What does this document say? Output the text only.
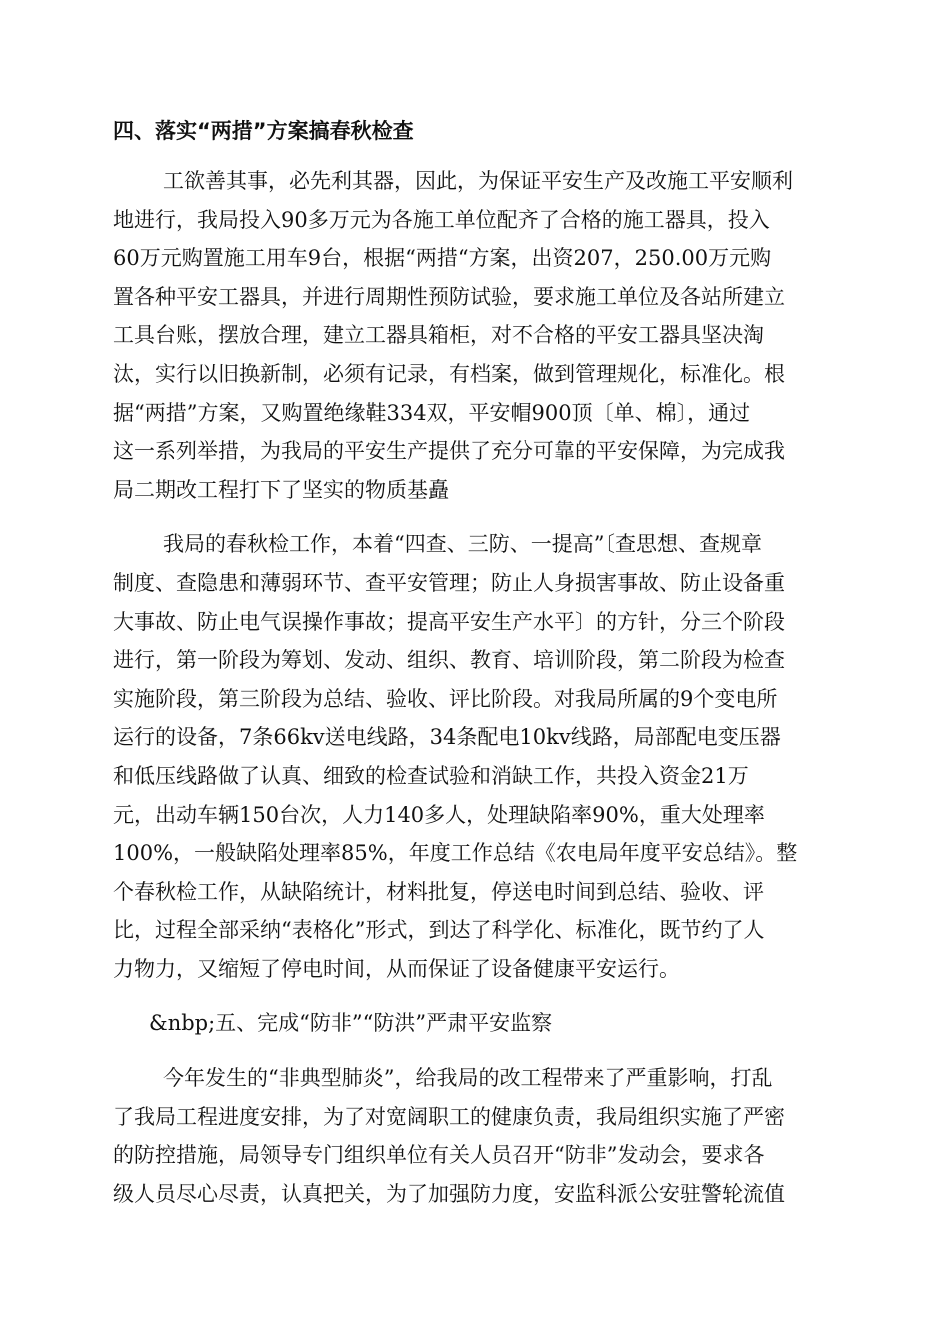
四、落实“两措”方案搞春秋检查
工欲善其事，必先利其器，因此，为保证平安生产及改施工平安顺利
地进行，我局投入90多万元为各施工单位配齐了合格的施工器具，投入
60万元购置施工用车9台，根据“两措“方案，出资207，250.00万元购
置各种平安工器具，并进行周期性预防试验，要求施工单位及各站所建立
工具台账，摆放合理，建立工器具箱柜，对不合格的平安工器具坚决淘
汰，实行以旧换新制，必须有记录，有档案，做到管理规化，标准化。根
据“两措”方案，又购置绝缘鞋334双，平安帽900顶〔单、棉〕，通过
这一系列举措，为我局的平安生产提供了充分可靠的平安保障，为完成我
局二期改工程打下了坚实的物质基矗
我局的春秋检工作，本着“四查、三防、一提高”〔查思想、查规章
制度、查隐患和薄弱环节、查平安管理；防止人身损害事故、防止设备重
大事故、防止电气误操作事故；提高平安生产水平〕的方针，分三个阶段
进行，第一阶段为筹划、发动、组织、教育、培训阶段，第二阶段为检查
实施阶段，第三阶段为总结、验收、评比阶段。对我局所属的9个变电所
运行的设备，7条66kv送电线路，34条配电10kv线路，局部配电变压器
和低压线路做了认真、细致的检查试验和消缺工作，共投入资金21万
元，出动车辆150台次，人力140多人，处理缺陷率90%，重大处理率
100%，一般缺陷处理率85%，年度工作总结《农电局年度平安总结》。整
个春秋检工作，从缺陷统计，材料批复，停送电时间到总结、验收、评
比，过程全部采纳“表格化”形式，到达了科学化、标准化，既节约了人
力物力，又缩短了停电时间，从而保证了设备健康平安运行。
&nbp;五、完成“防非”“防洪”严肃平安监察
今年发生的“非典型肺炎”，给我局的改工程带来了严重影响，打乱
了我局工程进度安排，为了对宽阔职工的健康负责，我局组织实施了严密
的防控措施，局领导专门组织单位有关人员召开“防非”发动会，要求各
级人员尽心尽责，认真把关，为了加强防力度，安监科派公安驻警轮流值
